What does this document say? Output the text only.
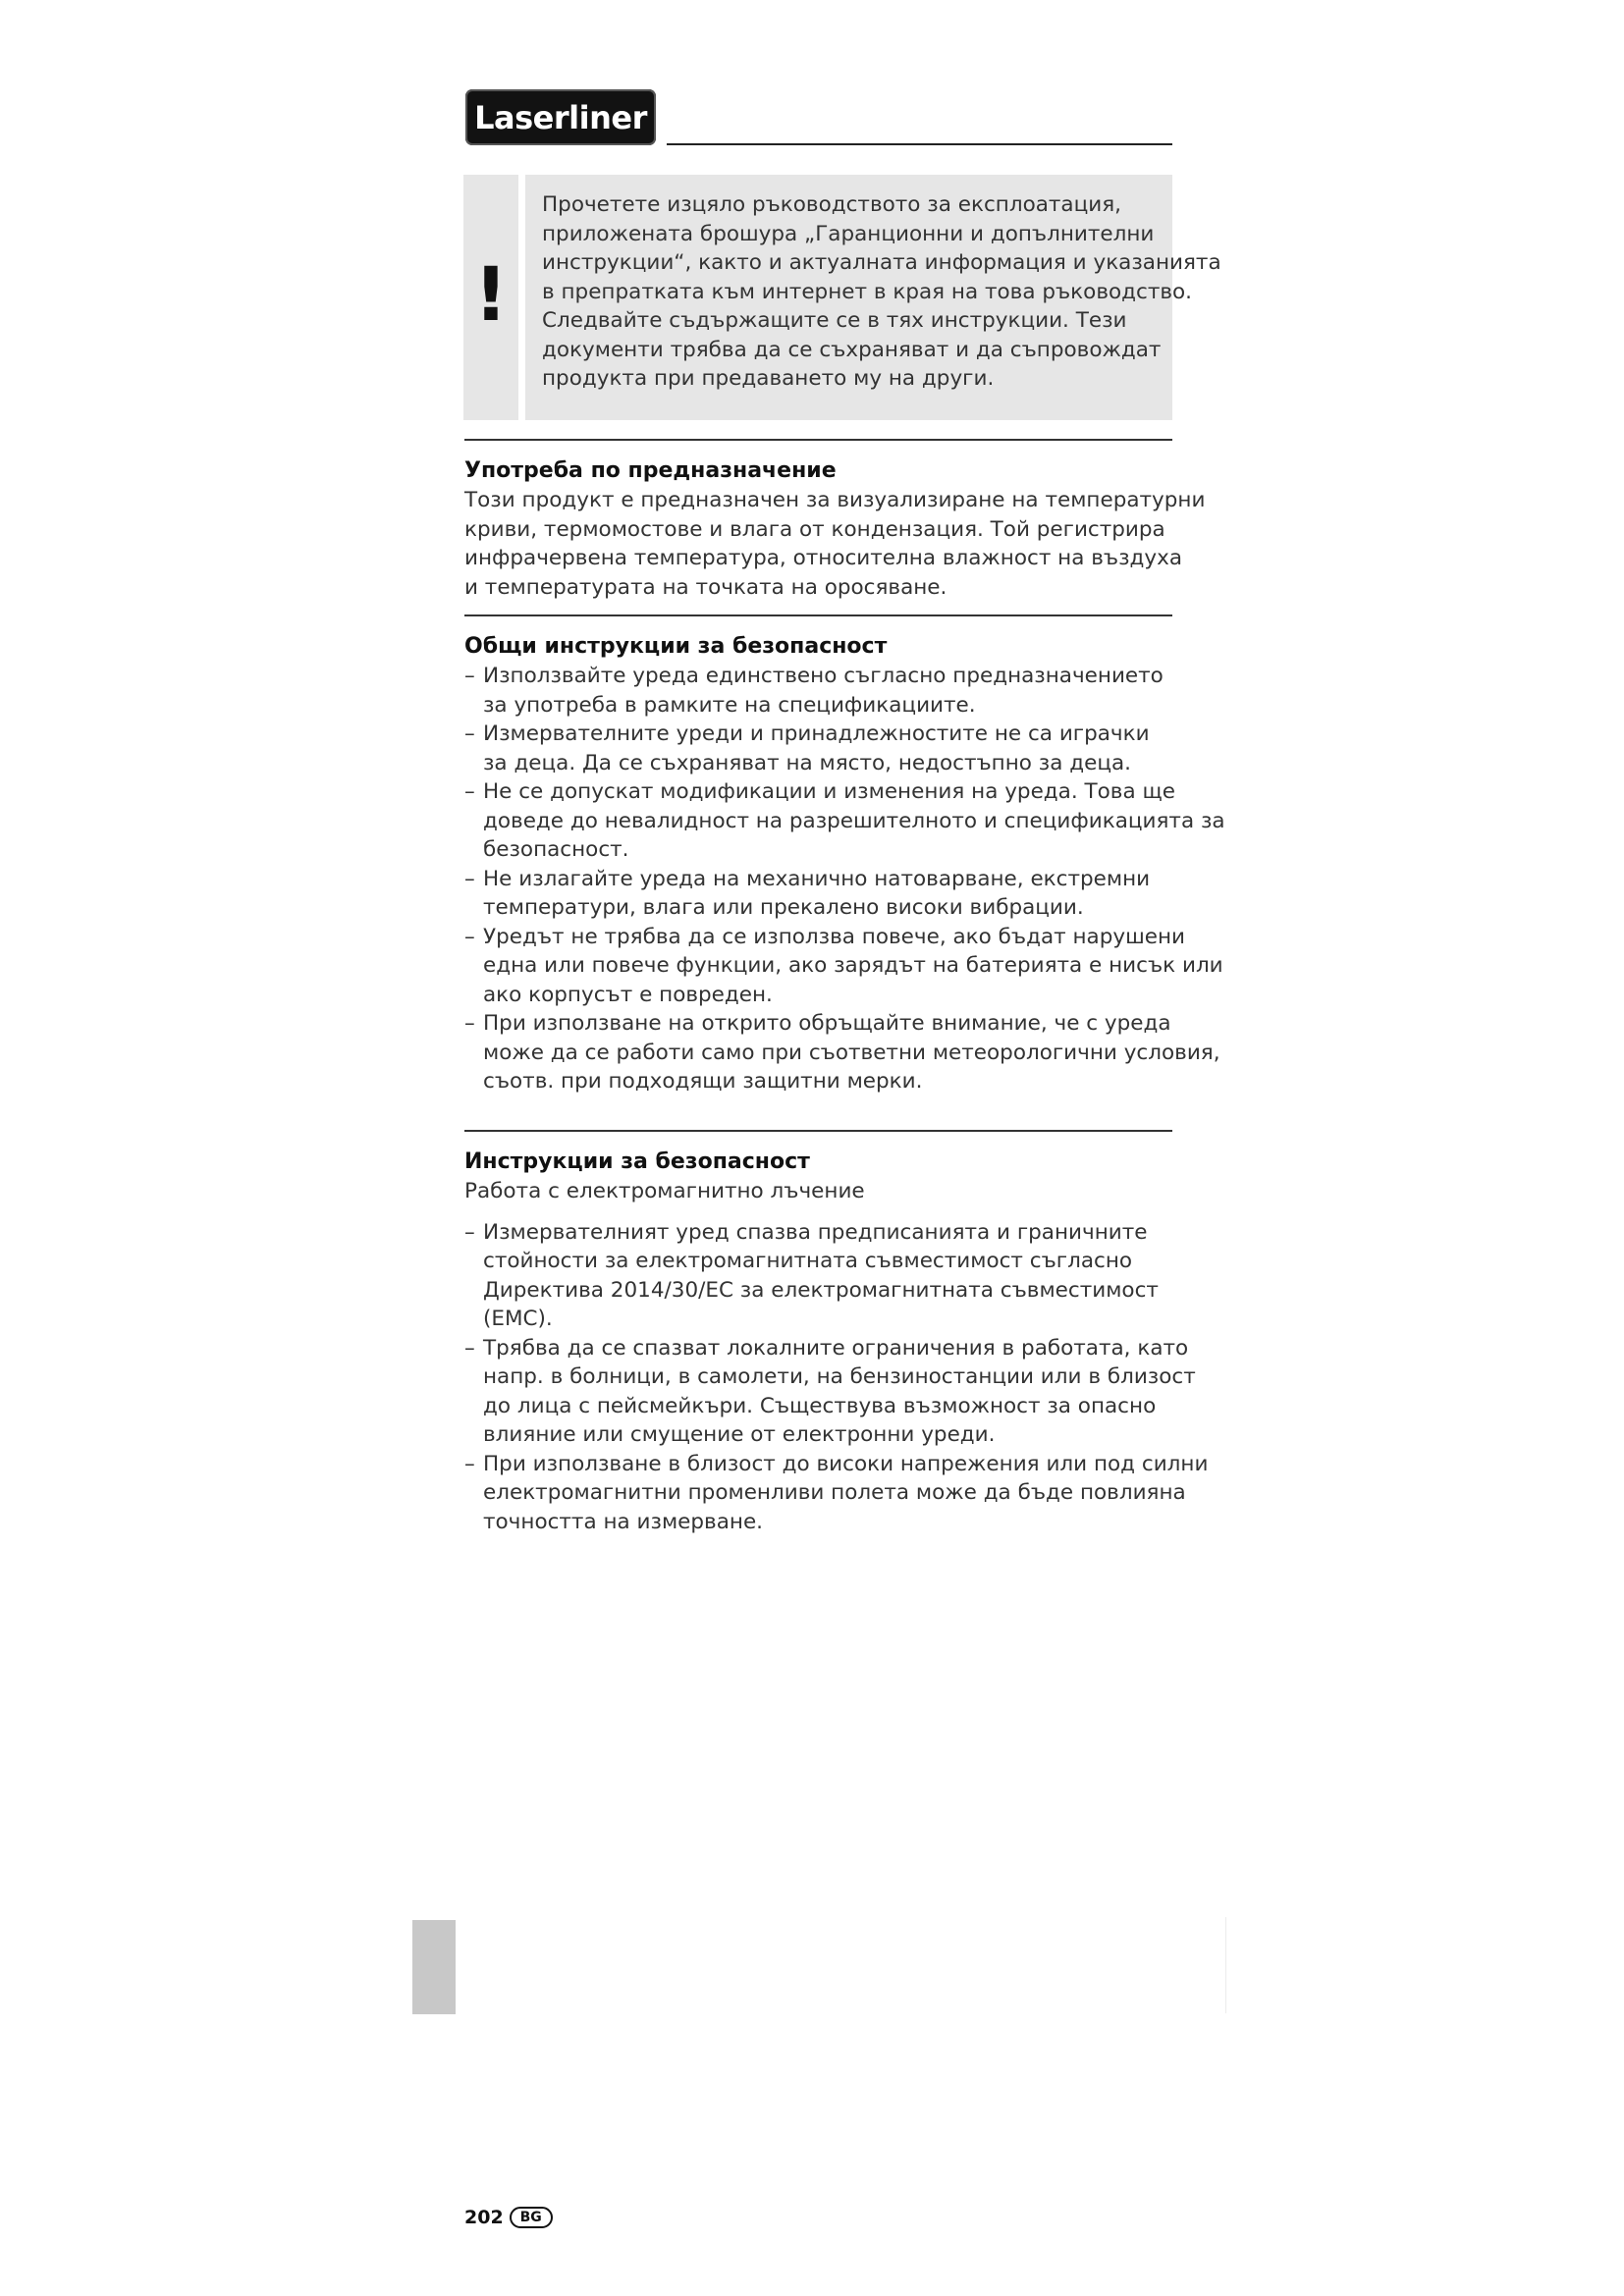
Laserliner
!
Прочетете изцяло ръководството за експлоатация,
приложената брошура „Гаранционни и допълнителни
инструкции“, както и актуалната информация и указанията
в препратката към интернет в края на това ръководство.
Следвайте съдържащите се в тях инструкции. Тези
документи трябва да се съхраняват и да съпровождат
продукта при предаването му на други.
Употреба по предназначение
Този продукт е предназначен за визуализиране на температурни
криви, термомостове и влага от кондензация. Той регистрира
инфрачервена температура, относителна влажност на въздуха
и температурата на точката на оросяване.
Общи инструкции за безопасност
– Използвайте уреда единствено съгласно предназначението
за употреба в рамките на спецификациите.
– Измервателните уреди и принадлежностите не са играчки
за деца. Да се съхраняват на място, недостъпно за деца.
– Не се допускат модификации и изменения на уреда. Това ще
доведе до невалидност на разрешителното и спецификацията за
безопасност.
– Не излагайте уреда на механично натоварване, екстремни
температури, влага или прекалено високи вибрации.
– Уредът не трябва да се използва повече, ако бъдат нарушени
една или повече функции, ако зарядът на батерията е нисък или
ако корпусът е повреден.
– При използване на открито обръщайте внимание, че с уреда
може да се работи само при съответни метеорологични условия,
съотв. при подходящи защитни мерки.
Инструкции за безопасност
Работа с електромагнитно лъчение
– Измервателният уред спазва предписанията и граничните
стойности за електромагнитната съвместимост съгласно
Директива 2014/30/ЕС за електромагнитната съвместимост
(ЕМС).
– Трябва да се спазват локалните ограничения в работата, като
напр. в болници, в самолети, на бензиностанции или в близост
до лица с пейсмейкъри. Съществува възможност за опасно
влияние или смущение от електронни уреди.
– При използване в близост до високи напрежения или под силни
електромагнитни променливи полета може да бъде повлияна
точността на измерване.
202	BG
